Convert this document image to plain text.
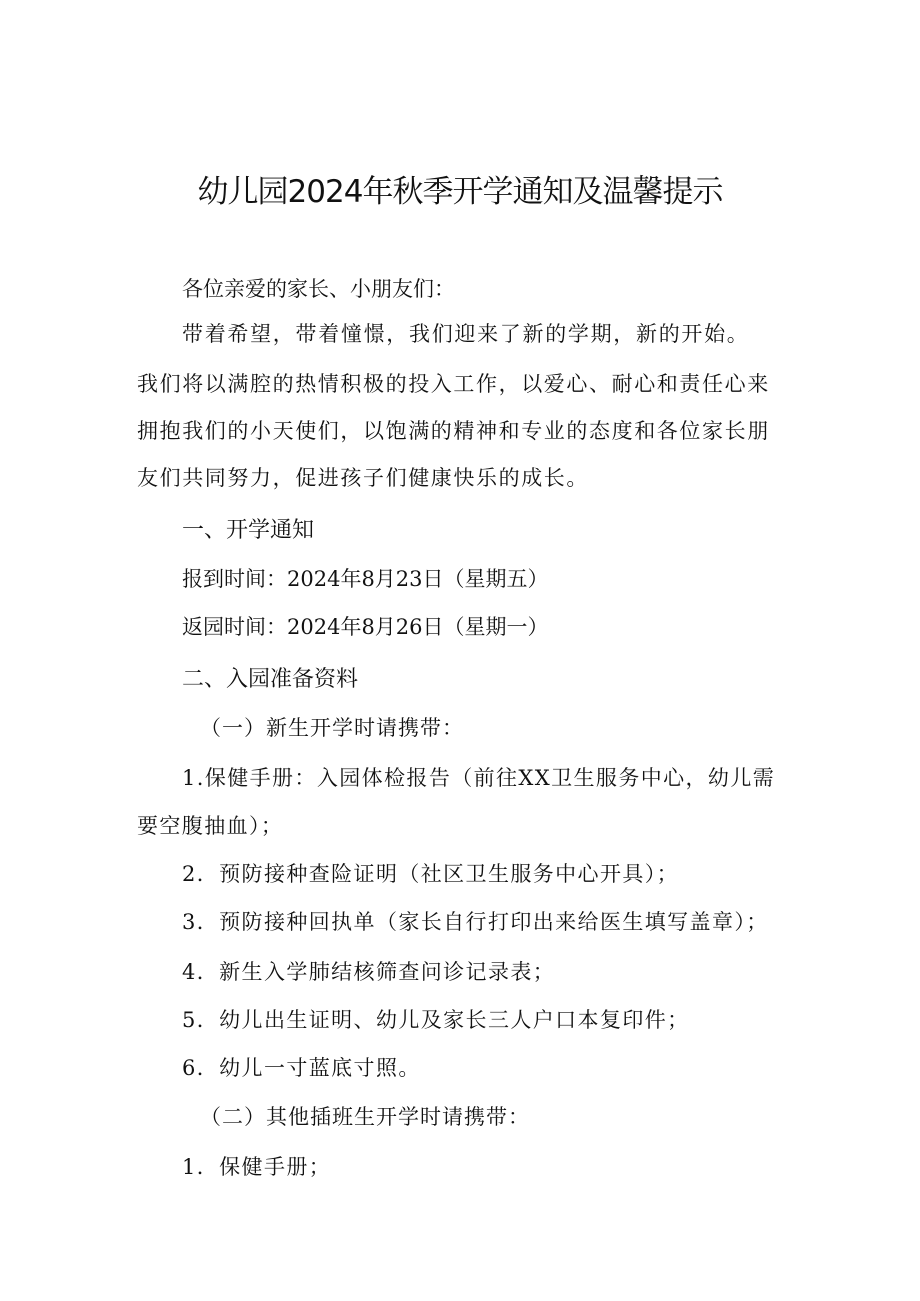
幼儿园2024年秋季开学通知及温馨提示

各位亲爱的家长、小朋友们：

带着希望，带着憧憬，我们迎来了新的学期，新的开始。

我们将以满腔的热情积极的投入工作，以爱心、耐心和责任心来

拥抱我们的小天使们，以饱满的精神和专业的态度和各位家长朋

友们共同努力，促进孩子们健康快乐的成长。

一、开学通知

报到时间：2024年8月23日（星期五）

返园时间：2024年8月26日（星期一）

二、入园准备资料

（一）新生开学时请携带：

1.保健手册：入园体检报告（前往XX卫生服务中心，幼儿需

要空腹抽血）；

2．预防接种查险证明（社区卫生服务中心开具）；

3．预防接种回执单（家长自行打印出来给医生填写盖章）；

4．新生入学肺结核筛查问诊记录表；

5．幼儿出生证明、幼儿及家长三人户口本复印件；

6．幼儿一寸蓝底寸照。

（二）其他插班生开学时请携带：

1．保健手册；
